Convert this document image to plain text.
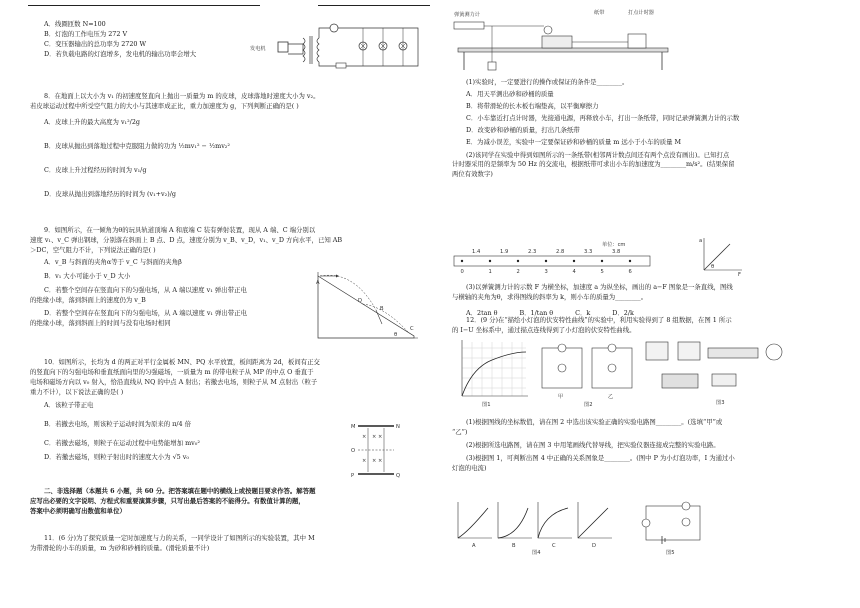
A．线圈匝数 N=100

B．灯泡的工作电压为 272 V

C．变压器输出的总功率为 2720 W

D．若负载电路的灯泡增多，发电机的输出功率会增大

发电机

8．在地面上以大小为 v₁ 的初速度竖直向上抛出一质量为 m 的皮球，皮球落地时速度大小为 v₂。

若皮球运动过程中所受空气阻力的大小与其速率成正比，重力加速度为 g，下列判断正确的是( )

A．皮球上升的最大高度为 v₁²/2g

B．皮球从抛出到落地过程中克服阻力做的功为 ½mv₁² − ½mv₂²

C．皮球上升过程经历的时间为 v₁/g

D．皮球从抛出到落地经历的时间为 (v₁+v₂)/g

9．如图所示，在一倾角为θ的玩具轨道顶端 A 和底端 C 装有弹射装置，现从 A 端、C 端分别以

速度 v₁、v_C 弹出钢球，分别落在斜面上 B 点、D 点，速度分别为 v_B、v_D，v₁、v_D 方向水平，已知 AB

＞DC，空气阻力不计，下列说法正确的是( )

A．v_B 与斜面的夹角α等于 v_C 与斜面的夹角β

B．v₁ 大小可能小于 v_D 大小

C．若整个空间存在竖直向下的匀强电场，从 A 端以速度 v₁ 弹出带正电

的绝缘小球，落到斜面上的速度仍为 v_B

D．若整个空间存在竖直向下的匀强电场，从 A 端以速度 v₁ 弹出带正电

的绝缘小球，落到斜面上的时间与没有电场时相同

A
B
D
C
θ

10．如图所示，长均为 d 的两正对平行金属板 MN、PQ 水平放置，板间距离为 2d，板间有正交

的竖直向下的匀强电场和垂直纸面向里的匀强磁场，一质量为 m 的带电粒子从 MP 的中点 O 垂直于

电场和磁场方向以 v₀ 射入，恰沿直线从 NQ 的中点 A 射出；若撤去电场，则粒子从 M 点射出（粒子

重力不计），以下说法正确的是( )

A．该粒子带正电

B．若撤去电场，则该粒子运动时间为原来的 π/4 倍

C．若撤去磁场，则粒子在运动过程中电势能增加 mv₀²

D．若撤去磁场，则粒子射出时的速度大小为 √5 v₀

M	N
P	Q
O
× × ×
× × ×

二、非选择题（本题共 6 小题，共 60 分。把答案填在题中的横线上或按题目要求作答。解答题

应写出必要的文字说明、方程式和重要演算步骤，只写出最后答案的不能得分。有数值计算的题，

答案中必须明确写出数值和单位）

11．(6 分)为了探究质量一定时加速度与力的关系，一同学设计了如图所示的实验装置，其中 M

为带滑轮的小车的质量，m 为砂和砂桶的质量。(滑轮质量不计)

弹簧测力计	纸带	打点计时器

(1)实验时，一定要进行的操作或保证的条件是________。

A．用天平测出砂和砂桶的质量

B．将带滑轮的长木板右端垫高，以平衡摩擦力

C．小车靠近打点计时器，先接通电源，再释放小车，打出一条纸带，同时记录弹簧测力计的示数

D．改变砂和砂桶的质量，打出几条纸带

E．为减小误差，实验中一定要保证砂和砂桶的质量 m 远小于小车的质量 M

(2)该同学在实验中得到如图所示的一条纸带(相邻两计数点间还有两个点没有画出)。已知打点

计时器采用的是频率为 50 Hz 的交流电，根据纸带可求出小车的加速度为________m/s²。(结果保留

两位有效数字)

单位：cm
0	1	2	3	4	5	6
1.4	1.9	2.3	2.8	3.3	3.8
a
F
θ

(3)以弹簧测力计的示数 F 为横坐标，加速度 a 为纵坐标，画出的 a−F 图象是一条直线，图线

与横轴的夹角为θ，求得图线的斜率为 k，则小车的质量为________。

A．2tan θ	B．1/tan θ	C．k	D．2/k

12．(9 分)在“描绘小灯泡的伏安特性曲线”的实验中，利用实验得到了 8 组数据，在图 1 所示

的 I−U 坐标系中，通过描点连线得到了小灯泡的伏安特性曲线。

图1
甲	乙
图2	图3

(1)根据图线的坐标数值，请在图 2 中选出该实验正确的实验电路图________。(选填“甲”或

“乙”)

(2)根据所选电路图，请在图 3 中用笔画线代替导线，把实验仪器连接成完整的实验电路。

(3)根据图 1，可判断出图 4 中正确的关系图象是________。(图中 P 为小灯泡功率，I 为通过小

灯泡的电流)

A	B	C	D
图4	图5
